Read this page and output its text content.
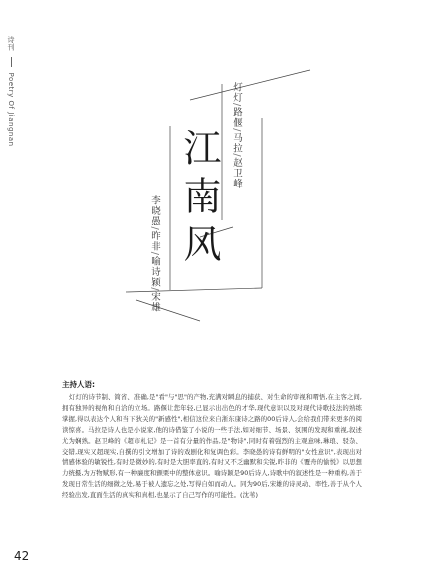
诗刊  Poetry Of Jiangnan
江南风
灯灯/路偃/马拉/赵卫峰
李晓愚/昨非/喻诗颖/宋雄
主持人语:

灯灯的诗节制、简省、准确,是"看"与"思"的产物,充满对瞬息的捕获、对生命的审视和喟悟,在主客之间,拥有独异的视角和自洽的立场。路偃让您年轻,已显示出出色的才华,现代意识以及对现代诗歌技法的熟练掌握,得以表达个人和当下狄关的"新感性",相信这位来自浙东康诗之路的00后诗人,会给我们带来更多的阅读惊喜。马拉是诗人也是小说家,他的诗借鉴了小说的一些手法,如对细节、场景、氛围的发现和重视,叙述尤为娴熟。赵卫峰的《超市札记》是一首有分量的作品,是"物诗",同时有着强烈的主观意味,琳琅、驳杂、交错,现实又超现实,自撰的引文增加了诗的戏剧化和复调色彩。李晓愚的诗有鲜明的"女性意识",表现出对情感体验的敏锐性,有时是微妙的,有时是大胆率直的,有时又不乏幽默和尖锐,昨非的《覆舟的愉悦》以思想力统摄,为万物赋形,有一种廉度和颤栗中的整体意识。喻诗颖是90后诗人,诗歌中的叙述性是一种重构,善于发现日常生活的细微之处,易于被人遗忘之处,写得自如而动人。同为90后,宋雄的诗灵动、率性,善于从个人经验出发,直面生活的真实和真相,也显示了自己写作的可能性。(沈苇)

42
